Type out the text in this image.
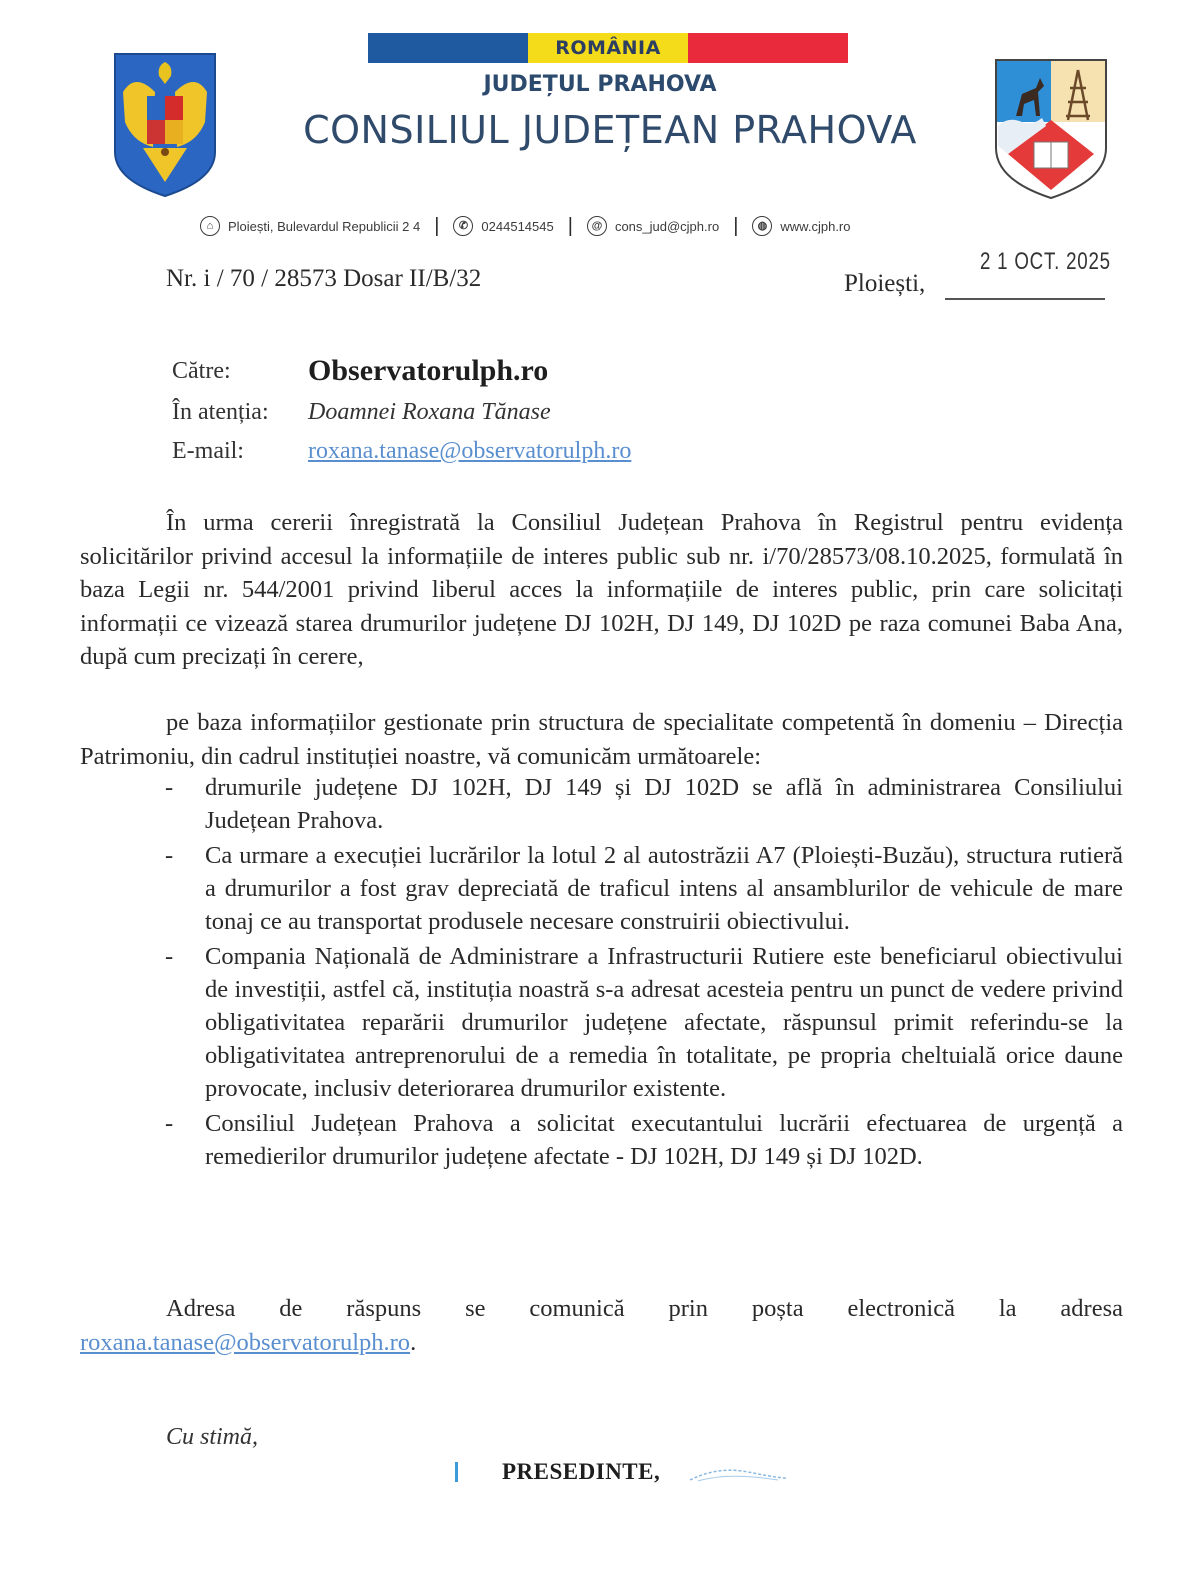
ROMÂNIA
JUDEȚUL PRAHOVA
CONSILIUL JUDEȚEAN PRAHOVA
⌂	Ploiești, Bulevardul Republicii 2 4 |	✆	0244514545 |	@ cons_jud@cjph.ro |	◍	www.cjph.ro
Nr. i / 70 / 28573 Dosar II/B/32	Ploiești,
2 1 OCT. 2025
Către:	Observatorulph.ro
În atenția: Doamnei Roxana Tănase
E-mail:	roxana.tanase@observatorulph.ro
În urma cererii înregistrată la Consiliul Județean Prahova în Registrul pentru evidența solicitărilor privind accesul la informațiile de interes public sub nr. i/70/28573/08.10.2025, formulată în baza Legii nr. 544/2001 privind liberul acces la informațiile de interes public, prin care solicitați informații ce vizează starea drumurilor județene DJ 102H, DJ 149, DJ 102D pe raza comunei Baba Ana, după cum precizați în cerere,
pe baza informațiilor gestionate prin structura de specialitate competentă în domeniu – Direcția Patrimoniu, din cadrul instituției noastre, vă comunicăm următoarele:
- drumurile județene DJ 102H, DJ 149 și DJ 102D se află în administrarea Consiliului Județean Prahova.
- Ca urmare a execuției lucrărilor la lotul 2 al autostrăzii A7 (Ploiești-Buzău), structura rutieră a drumurilor a fost grav depreciată de traficul intens al ansamblurilor de vehicule de mare tonaj ce au transportat produsele necesare construirii obiectivului.
- Compania Națională de Administrare a Infrastructurii Rutiere este beneficiarul obiectivului de investiții, astfel că, instituția noastră s-a adresat acesteia pentru un punct de vedere privind obligativitatea reparării drumurilor județene afectate, răspunsul primit referindu-se la obligativitatea antreprenorului de a remedia în totalitate, pe propria cheltuială orice daune provocate, inclusiv deteriorarea drumurilor existente.
- Consiliul Județean Prahova a solicitat executantului lucrării efectuarea de urgență a remedierilor drumurilor județene afectate - DJ 102H, DJ 149 și DJ 102D.
Adresa de răspuns se comunică prin poșta electronică la adresa roxana.tanase@observatorulph.ro.
Cu stimă,
PRESEDINTE,
